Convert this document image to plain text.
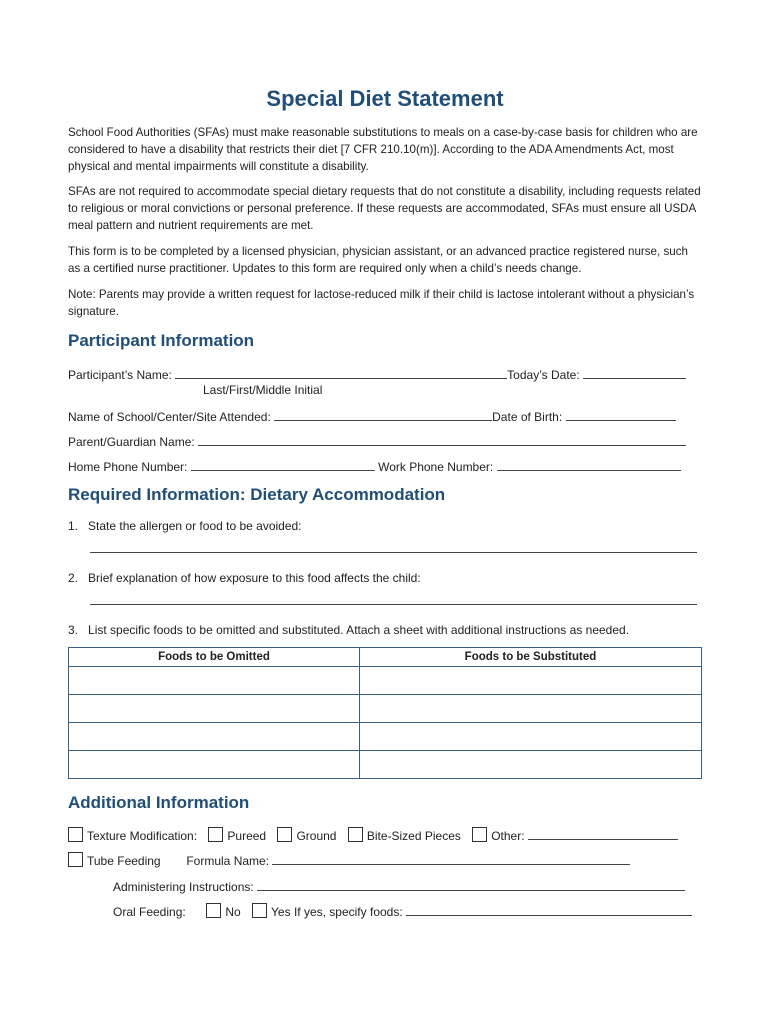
Special Diet Statement
School Food Authorities (SFAs) must make reasonable substitutions to meals on a case-by-case basis for children who are considered to have a disability that restricts their diet [7 CFR 210.10(m)]. According to the ADA Amendments Act, most physical and mental impairments will constitute a disability.
SFAs are not required to accommodate special dietary requests that do not constitute a disability, including requests related to religious or moral convictions or personal preference. If these requests are accommodated, SFAs must ensure all USDA meal pattern and nutrient requirements are met.
This form is to be completed by a licensed physician, physician assistant, or an advanced practice registered nurse, such as a certified nurse practitioner. Updates to this form are required only when a child’s needs change.
Note: Parents may provide a written request for lactose-reduced milk if their child is lactose intolerant without a physician’s signature.
Participant Information
Participant’s Name:	Today’s Date:
Last/First/Middle Initial
Name of School/Center/Site Attended:	Date of Birth:
Parent/Guardian Name:
Home Phone Number:	Work Phone Number:
Required Information: Dietary Accommodation
1. State the allergen or food to be avoided:
2. Brief explanation of how exposure to this food affects the child:
3. List specific foods to be omitted and substituted. Attach a sheet with additional instructions as needed.
Foods to be Omitted	Foods to be Substituted

Additional Information
Texture Modification:	Pureed	Ground	Bite-Sized Pieces	Other:
Tube Feeding Formula Name:
Administering Instructions:
Oral Feeding:	No	Yes If yes, specify foods:
